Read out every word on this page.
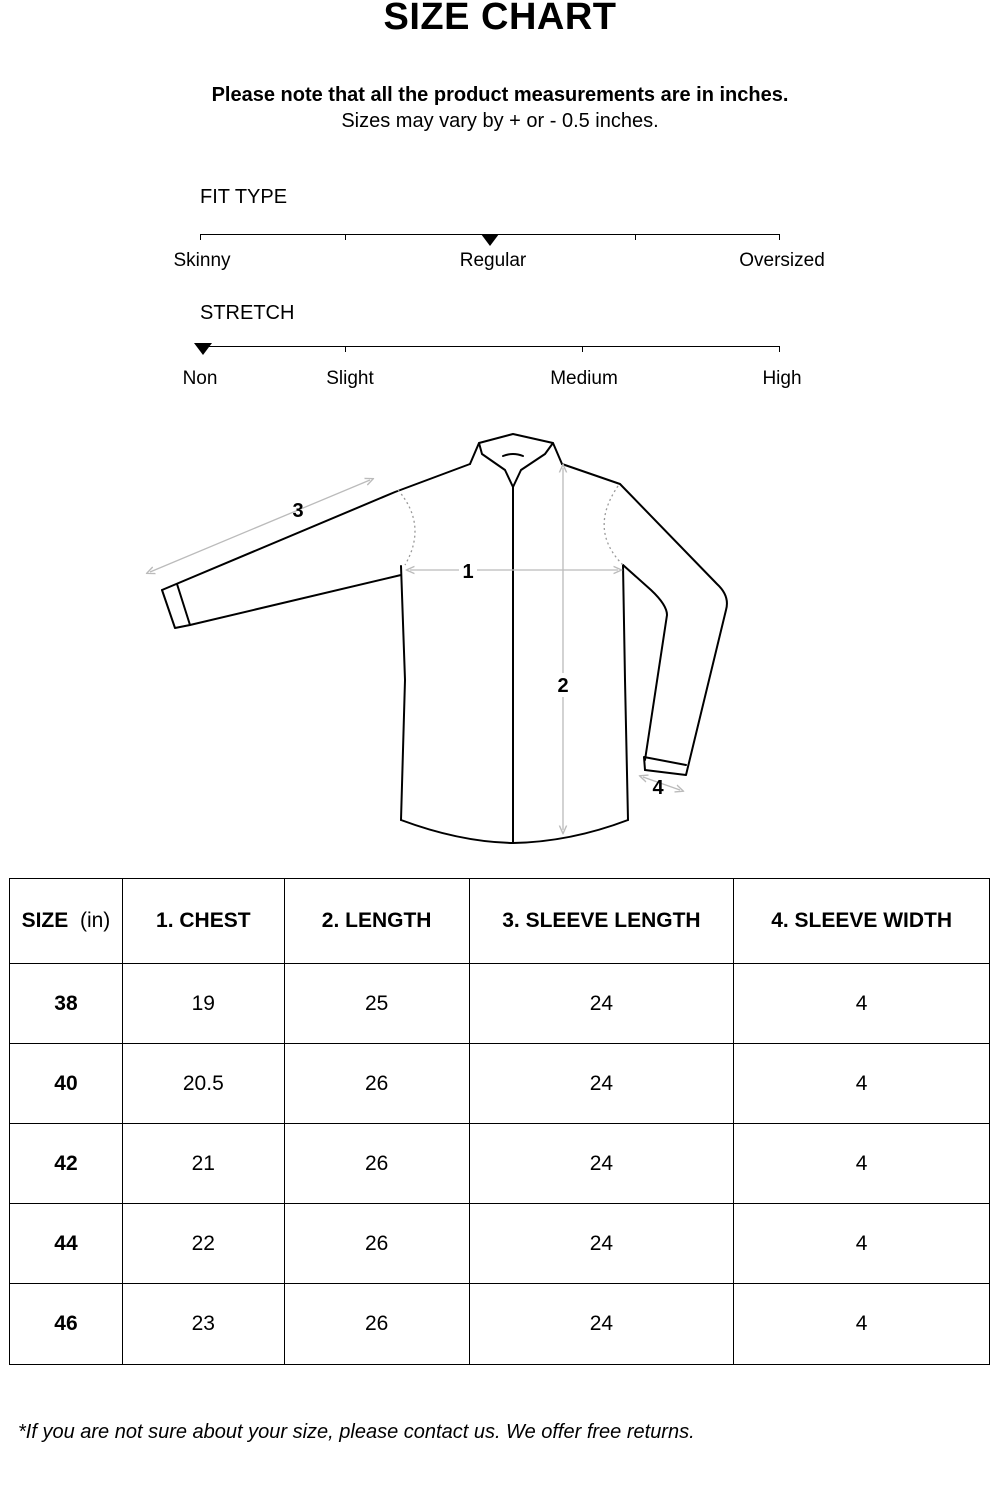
SIZE CHART
Please note that all the product measurements are in inches.
Sizes may vary by + or - 0.5 inches.
FIT TYPE
Skinny	Regular	Oversized
STRETCH
Non	Slight	Medium	High
3
1
2
4
SIZE (in)	1. CHEST	2. LENGTH	3. SLEEVE LENGTH	4. SLEEVE WIDTH
38	19	25	24	4
40	20.5	26	24	4
42	21	26	24	4
44	22	26	24	4
46	23	26	24	4
*If you are not sure about your size, please contact us. We offer free returns.
